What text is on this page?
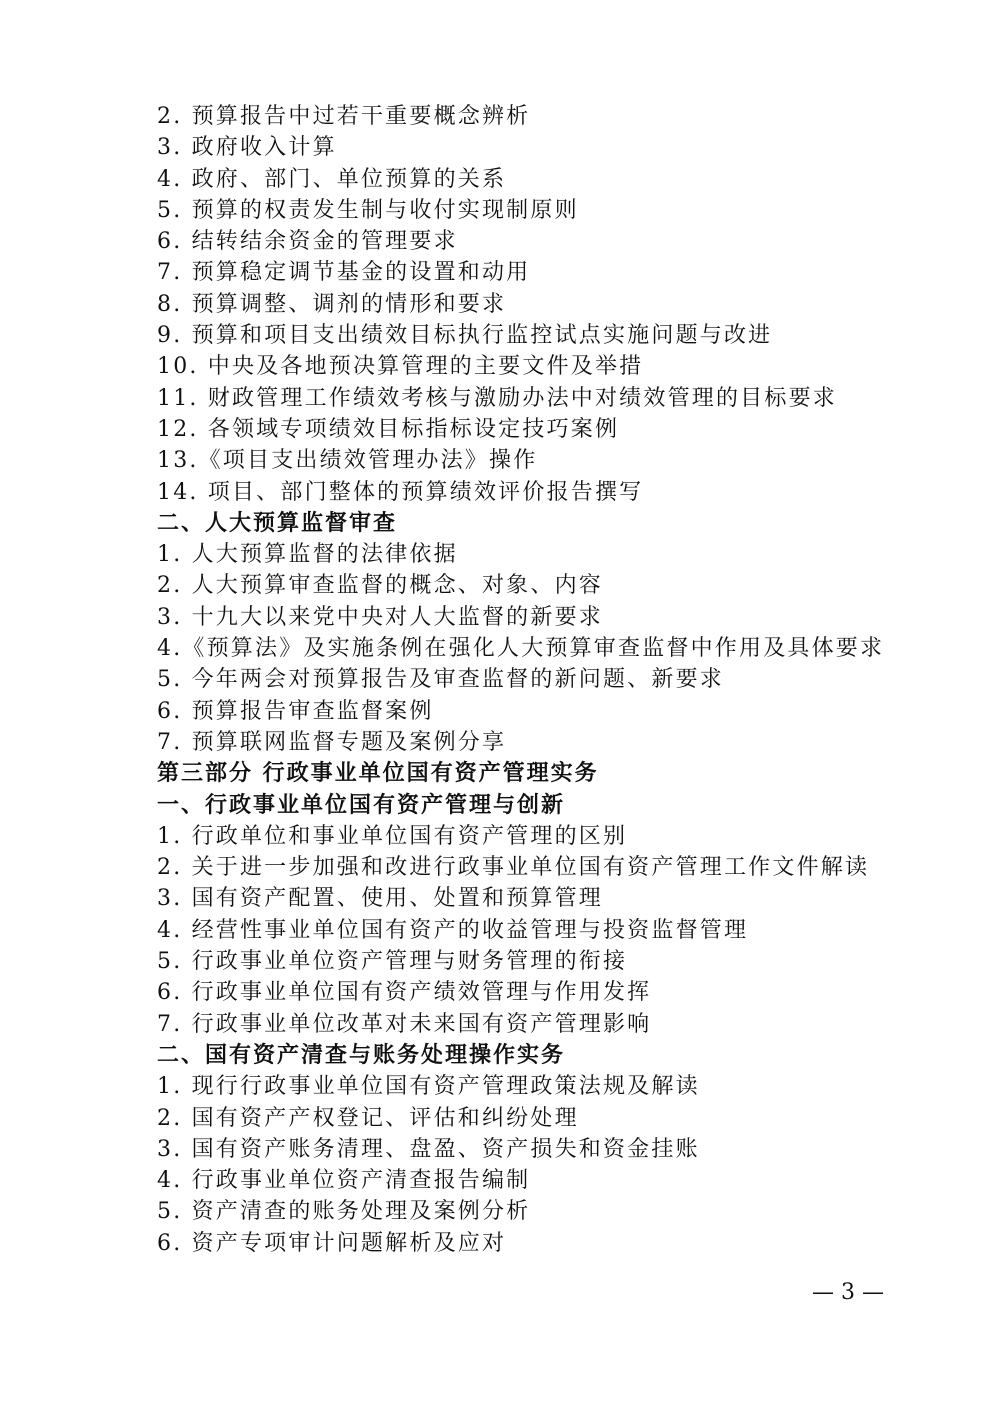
2. 预算报告中过若干重要概念辨析
3. 政府收入计算
4. 政府、部门、单位预算的关系
5. 预算的权责发生制与收付实现制原则
6. 结转结余资金的管理要求
7. 预算稳定调节基金的设置和动用
8. 预算调整、调剂的情形和要求
9. 预算和项目支出绩效目标执行监控试点实施问题与改进
10. 中央及各地预决算管理的主要文件及举措
11. 财政管理工作绩效考核与激励办法中对绩效管理的目标要求
12. 各领域专项绩效目标指标设定技巧案例
13.《项目支出绩效管理办法》操作
14. 项目、部门整体的预算绩效评价报告撰写
二、人大预算监督审查
1. 人大预算监督的法律依据
2. 人大预算审查监督的概念、对象、内容
3. 十九大以来党中央对人大监督的新要求
4.《预算法》及实施条例在强化人大预算审查监督中作用及具体要求
5. 今年两会对预算报告及审查监督的新问题、新要求
6. 预算报告审查监督案例
7. 预算联网监督专题及案例分享
第三部分 行政事业单位国有资产管理实务
一、行政事业单位国有资产管理与创新
1. 行政单位和事业单位国有资产管理的区别
2. 关于进一步加强和改进行政事业单位国有资产管理工作文件解读
3. 国有资产配置、使用、处置和预算管理
4. 经营性事业单位国有资产的收益管理与投资监督管理
5. 行政事业单位资产管理与财务管理的衔接
6. 行政事业单位国有资产绩效管理与作用发挥
7. 行政事业单位改革对未来国有资产管理影响
二、国有资产清查与账务处理操作实务
1. 现行行政事业单位国有资产管理政策法规及解读
2. 国有资产产权登记、评估和纠纷处理
3. 国有资产账务清理、盘盈、资产损失和资金挂账
4. 行政事业单位资产清查报告编制
5. 资产清查的账务处理及案例分析
6. 资产专项审计问题解析及应对
— 3 —
